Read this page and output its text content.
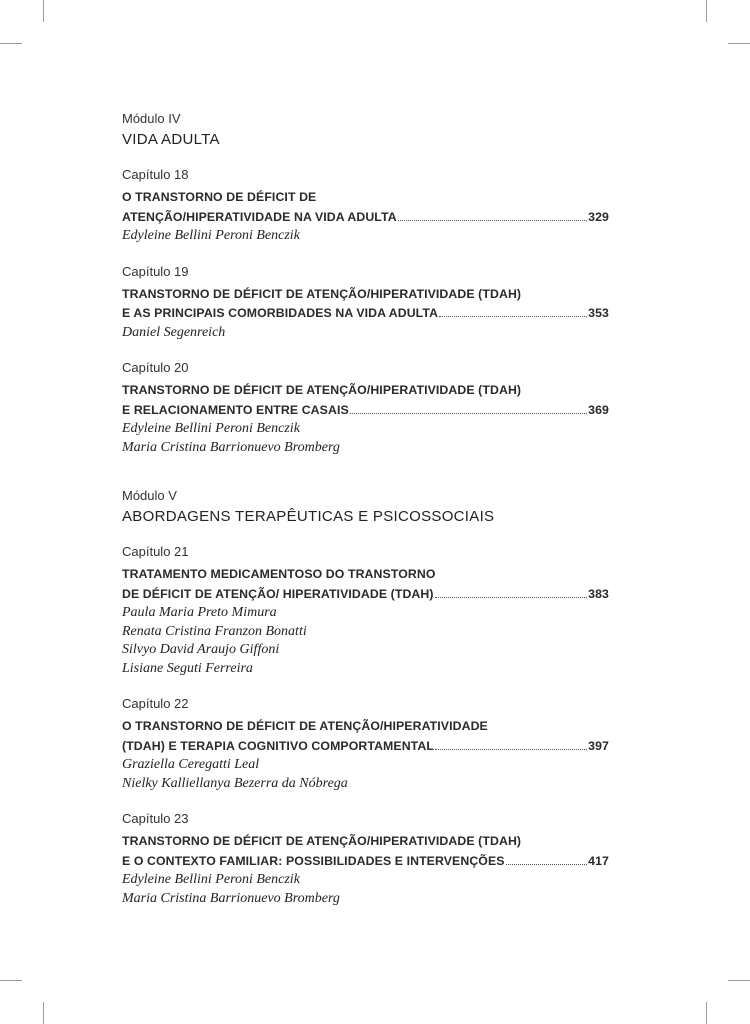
Módulo IV
VIDA ADULTA
Capítulo 18
O TRANSTORNO DE DÉFICIT DE
ATENÇÃO/HIPERATIVIDADE NA VIDA ADULTA	329
Edyleine Bellini Peroni Benczik
Capítulo 19
TRANSTORNO DE DÉFICIT DE ATENÇÃO/HIPERATIVIDADE (TDAH)
E AS PRINCIPAIS COMORBIDADES NA VIDA ADULTA	353
Daniel Segenreich
Capítulo 20
TRANSTORNO DE DÉFICIT DE ATENÇÃO/HIPERATIVIDADE (TDAH)
E RELACIONAMENTO ENTRE CASAIS	369
Edyleine Bellini Peroni Benczik
Maria Cristina Barrionuevo Bromberg
Módulo V
ABORDAGENS TERAPÊUTICAS E PSICOSSOCIAIS
Capítulo 21
TRATAMENTO MEDICAMENTOSO DO TRANSTORNO
DE DÉFICIT DE ATENÇÃO/ HIPERATIVIDADE (TDAH)	383
Paula Maria Preto Mimura
Renata Cristina Franzon Bonatti
Silvyo David Araujo Giffoni
Lisiane Seguti Ferreira
Capítulo 22
O TRANSTORNO DE DÉFICIT DE ATENÇÃO/HIPERATIVIDADE
(TDAH) E TERAPIA COGNITIVO COMPORTAMENTAL	397
Graziella Ceregatti Leal
Nielky Kalliellanya Bezerra da Nóbrega
Capítulo 23
TRANSTORNO DE DÉFICIT DE ATENÇÃO/HIPERATIVIDADE (TDAH)
E O CONTEXTO FAMILIAR: POSSIBILIDADES E INTERVENÇÕES	417
Edyleine Bellini Peroni Benczik
Maria Cristina Barrionuevo Bromberg
